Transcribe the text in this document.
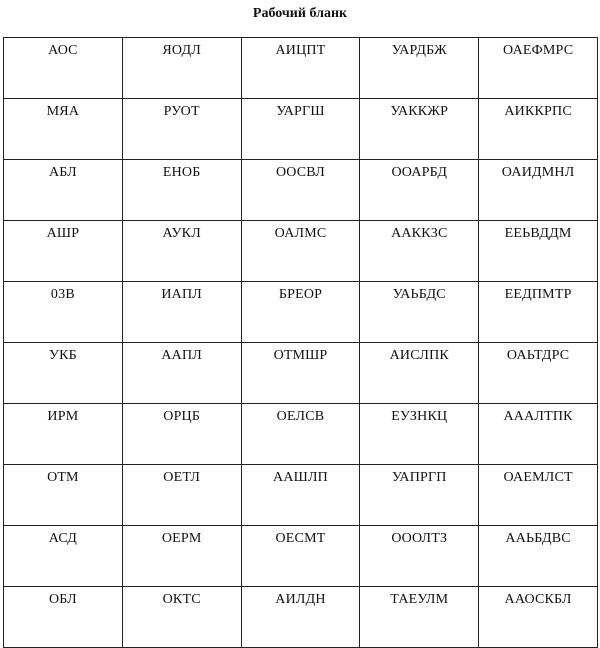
Рабочий бланк
АОС	ЯОДЛ	АИЦПТ	УАРДБЖ	ОАЕФМРС
МЯА	РУОТ	УАРГШ	УАККЖР	АИККРПС
АБЛ	ЕНОБ	ООСВЛ	ООАРБД	ОАИДМНЛ
АШР	АУКЛ	ОАЛМС	ААККЗС	ЕЕЬВДДМ
03В	ИАПЛ	БРЕОР	УАЬБДС	ЕЕДПМТР
УКБ	ААПЛ	ОТМШР	АИСЛПК	ОАЬТДРС
ИРМ	ОРЦБ	ОЕЛСВ	ЕУЗНКЦ	АААЛТПК
ОТМ	ОЕТЛ	ААШЛП	УАПРГП	ОАЕМЛСТ
АСД	ОЕРМ	ОЕСМТ	ОООЛТЗ	ААЬБДВС
ОБЛ	ОКТС	АИЛДН	ТАЕУЛМ	ААОСКБЛ
